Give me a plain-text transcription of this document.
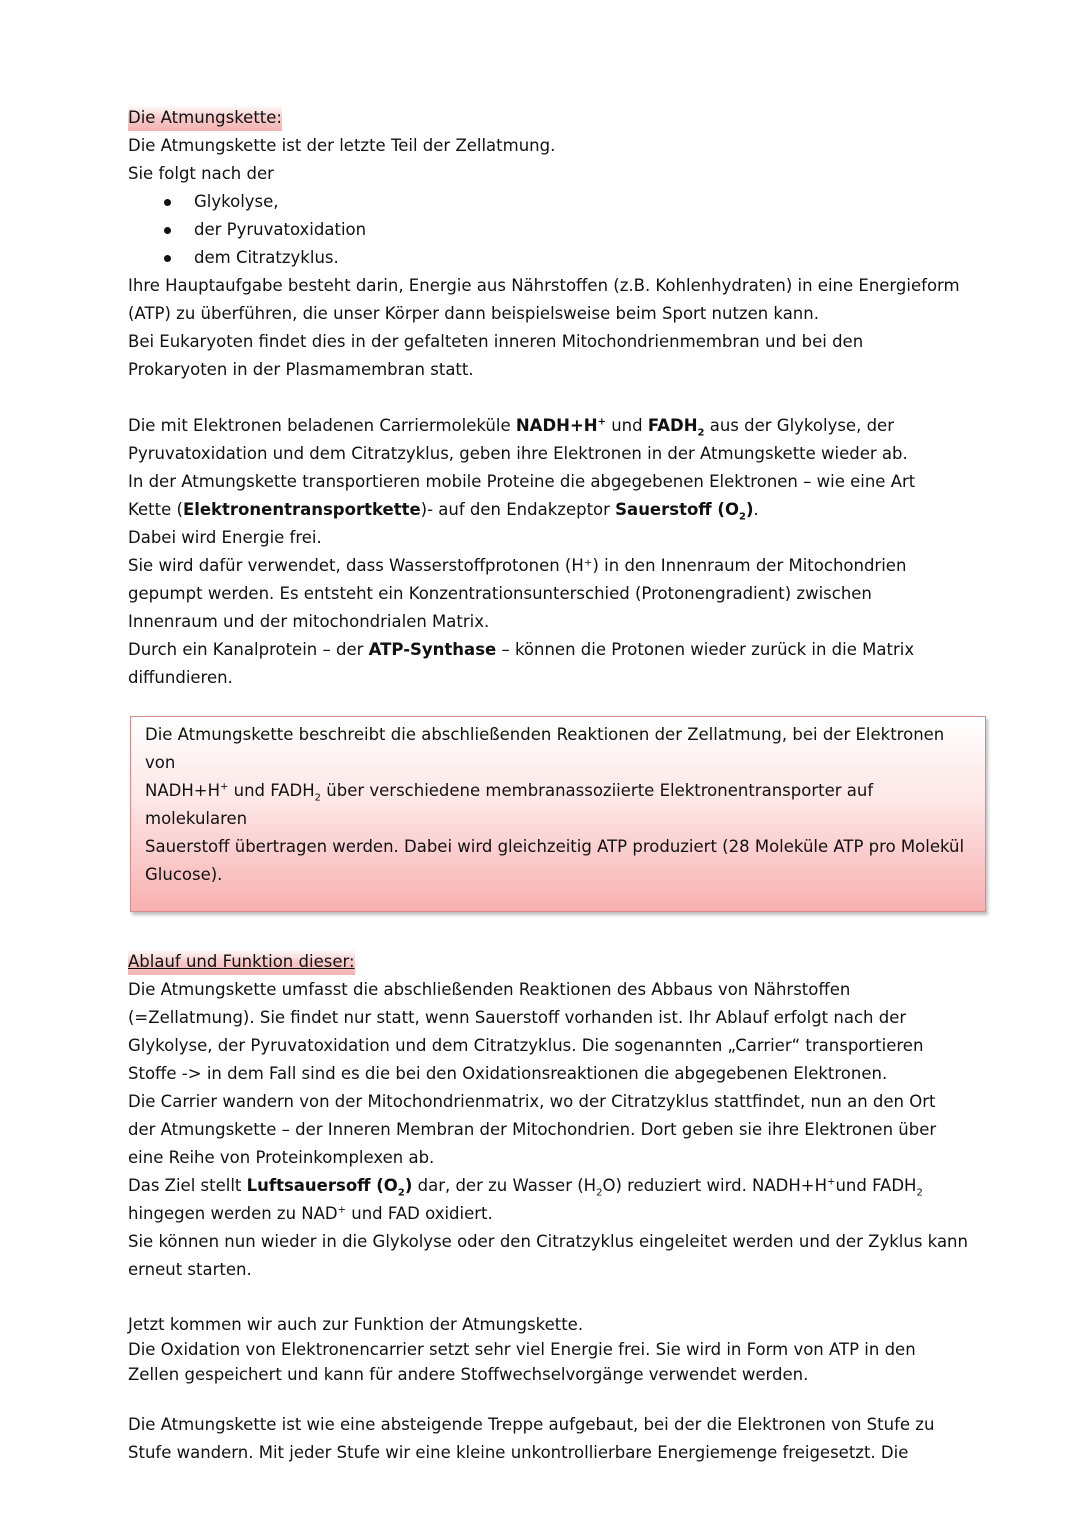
Die Atmungskette:

Die Atmungskette ist der letzte Teil der Zellatmung.

Sie folgt nach der

Glykolyse,
der Pyruvatoxidation
dem Citratzyklus.

Ihre Hauptaufgabe besteht darin, Energie aus Nährstoffen (z.B. Kohlenhydraten) in eine Energieform

(ATP) zu überführen, die unser Körper dann beispielsweise beim Sport nutzen kann.

Bei Eukaryoten findet dies in der gefalteten inneren Mitochondrienmembran und bei den

Prokaryoten in der Plasmamembran statt.

Die mit Elektronen beladenen Carriermoleküle NADH+H+ und $FADH_2$ aus der Glykolyse, der

Pyruvatoxidation und dem Citratzyklus, geben ihre Elektronen in der Atmungskette wieder ab.

In der Atmungskette transportieren mobile Proteine die abgegebenen Elektronen – wie eine Art

Kette (Elektronentransportkette)- auf den Endakzeptor Sauerstoff $(O_2)$.

Dabei wird Energie frei.

Sie wird dafür verwendet, dass Wasserstoffprotonen (H⁺) in den Innenraum der Mitochondrien

gepumpt werden. Es entsteht ein Konzentrationsunterschied (Protonengradient) zwischen

Innenraum und der mitochondrialen Matrix.

Durch ein Kanalprotein – der ATP-Synthase – können die Protonen wieder zurück in die Matrix

diffundieren.

Die Atmungskette beschreibt die abschließenden Reaktionen der Zellatmung, bei der Elektronen von

NADH+H+ und $FADH_2$ über verschiedene membranassoziierte Elektronentransporter auf molekularen

Sauerstoff übertragen werden. Dabei wird gleichzeitig ATP produziert (28 Moleküle ATP pro Molekül

Glucose).

Ablauf und Funktion dieser:

Die Atmungskette umfasst die abschließenden Reaktionen des Abbaus von Nährstoffen

(=Zellatmung). Sie findet nur statt, wenn Sauerstoff vorhanden ist. Ihr Ablauf erfolgt nach der

Glykolyse, der Pyruvatoxidation und dem Citratzyklus. Die sogenannten „Carrier“ transportieren

Stoffe -> in dem Fall sind es die bei den Oxidationsreaktionen die abgegebenen Elektronen.

Die Carrier wandern von der Mitochondrienmatrix, wo der Citratzyklus stattfindet, nun an den Ort

der Atmungskette – der Inneren Membran der Mitochondrien. Dort geben sie ihre Elektronen über

eine Reihe von Proteinkomplexen ab.

Das Ziel stellt Luftsauersoff $(O_2)$ dar, der zu Wasser $(H_2O)$ reduziert wird. NADH+H+und $FADH_2$

hingegen werden zu NAD+ und FAD oxidiert.

Sie können nun wieder in die Glykolyse oder den Citratzyklus eingeleitet werden und der Zyklus kann

erneut starten.

Jetzt kommen wir auch zur Funktion der Atmungskette.

Die Oxidation von Elektronencarrier setzt sehr viel Energie frei. Sie wird in Form von ATP in den

Zellen gespeichert und kann für andere Stoffwechselvorgänge verwendet werden.

Die Atmungskette ist wie eine absteigende Treppe aufgebaut, bei der die Elektronen von Stufe zu

Stufe wandern. Mit jeder Stufe wir eine kleine unkontrollierbare Energiemenge freigesetzt. Die
